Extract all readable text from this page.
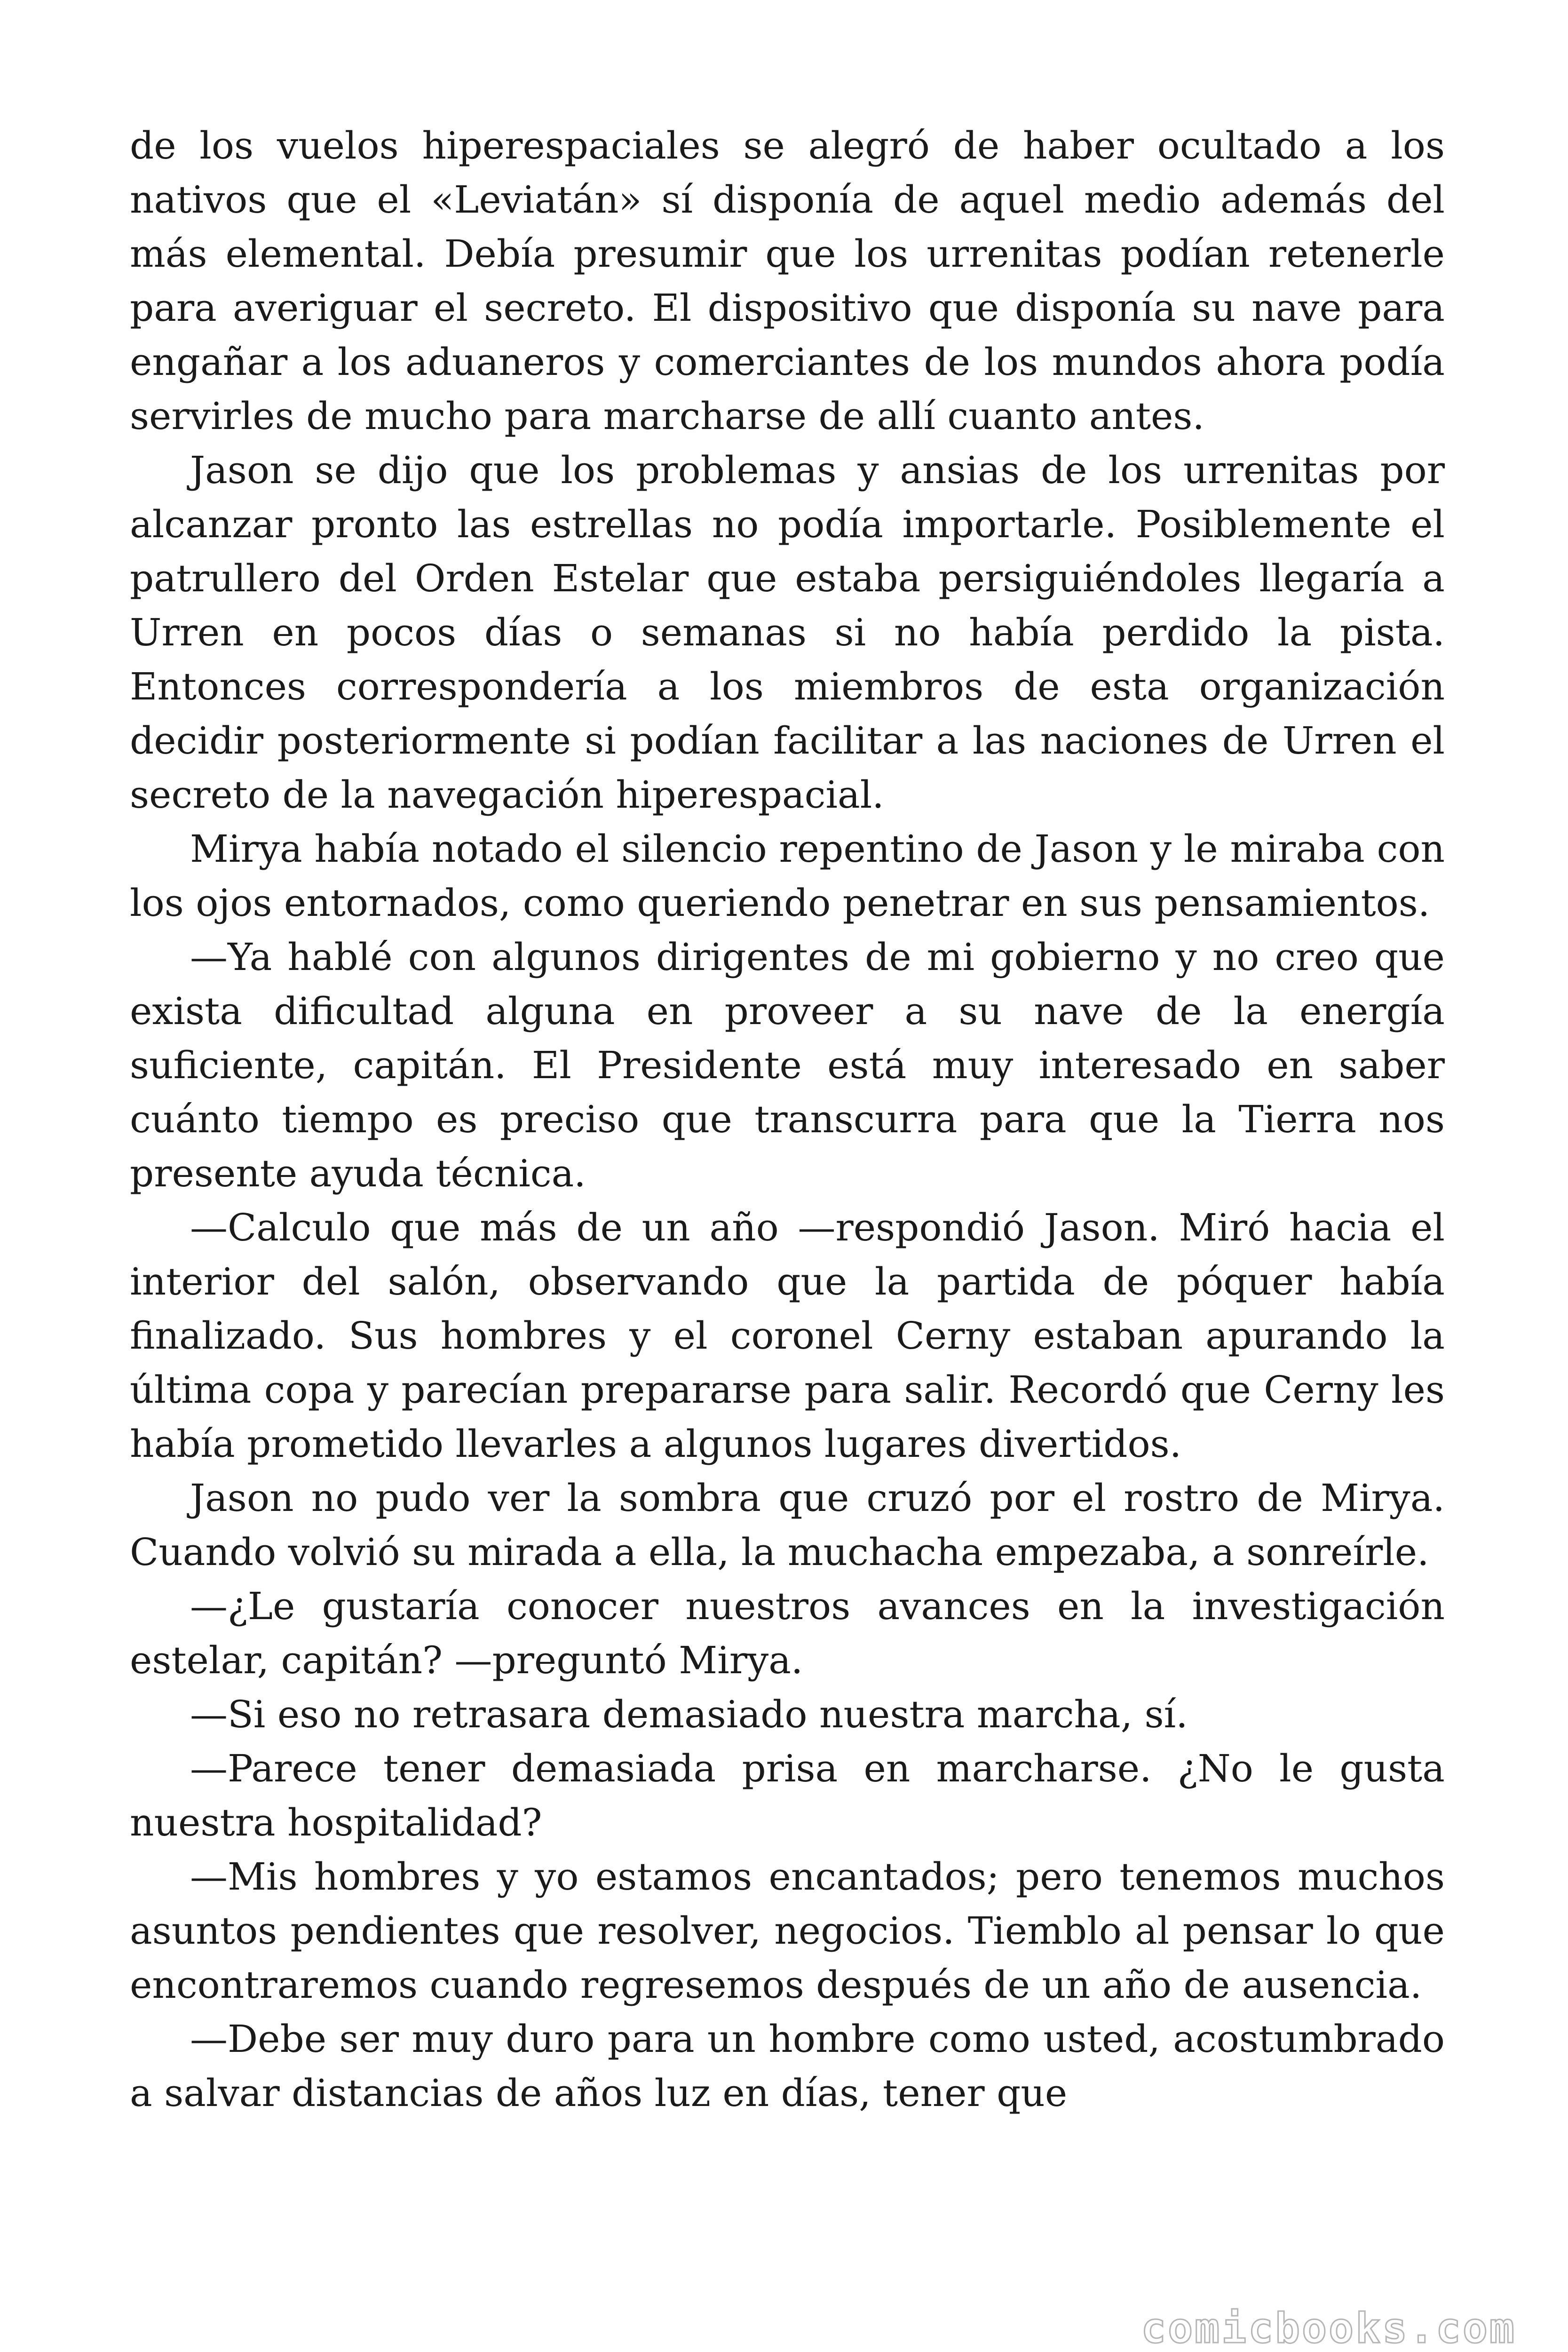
de los vuelos hiperespaciales se alegró de haber ocultado a los nativos que el «Leviatán» sí disponía de aquel medio además del más elemental. Debía presumir que los urrenitas podían retenerle para averiguar el secreto. El dispositivo que disponía su nave para engañar a los aduaneros y comerciantes de los mundos ahora podía servirles de mucho para marcharse de allí cuanto antes.

Jason se dijo que los problemas y ansias de los urrenitas por alcanzar pronto las estrellas no podía importarle. Posiblemente el patrullero del Orden Estelar que estaba persiguiéndoles llegaría a Urren en pocos días o semanas si no había perdido la pista. Entonces correspondería a los miembros de esta organización decidir posteriormente si podían facilitar a las naciones de Urren el secreto de la navegación hiperespacial.

Mirya había notado el silencio repentino de Jason y le miraba con los ojos entornados, como queriendo penetrar en sus pensamientos.

—Ya hablé con algunos dirigentes de mi gobierno y no creo que exista dificultad alguna en proveer a su nave de la energía suficiente, capitán. El Presidente está muy interesado en saber cuánto tiempo es preciso que transcurra para que la Tierra nos presente ayuda técnica.

—Calculo que más de un año —respondió Jason. Miró hacia el interior del salón, observando que la partida de póquer había finalizado. Sus hombres y el coronel Cerny estaban apurando la última copa y parecían prepararse para salir. Recordó que Cerny les había prometido llevarles a algunos lugares divertidos.

Jason no pudo ver la sombra que cruzó por el rostro de Mirya. Cuando volvió su mirada a ella, la muchacha empezaba, a sonreírle.

—¿Le gustaría conocer nuestros avances en la investigación estelar, capitán? —preguntó Mirya.

—Si eso no retrasara demasiado nuestra marcha, sí.

—Parece tener demasiada prisa en marcharse. ¿No le gusta nuestra hospitalidad?

—Mis hombres y yo estamos encantados; pero tenemos muchos asuntos pendientes que resolver, negocios. Tiemblo al pensar lo que encontraremos cuando regresemos después de un año de ausencia.

—Debe ser muy duro para un hombre como usted, acostumbrado a salvar distancias de años luz en días, tener que

comicbooks.com
